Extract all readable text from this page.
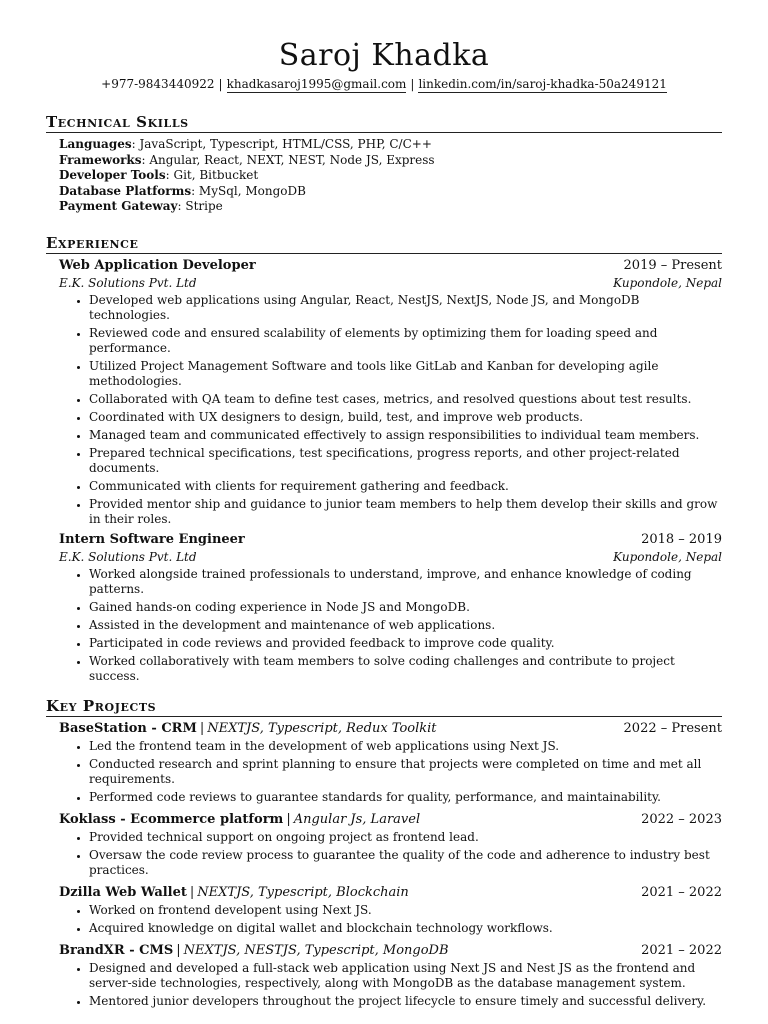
Saroj Khadka
+977-9843440922 | khadkasaroj1995@gmail.com | linkedin.com/in/saroj-khadka-50a249121
Technical Skills
Languages: JavaScript, Typescript, HTML/CSS, PHP, C/C++
Frameworks: Angular, React, NEXT, NEST, Node JS, Express
Developer Tools: Git, Bitbucket
Database Platforms: MySql, MongoDB
Payment Gateway: Stripe
Experience
Web Application Developer	2019 – Present
E.K. Solutions Pvt. Ltd	Kupondole, Nepal
• Developed web applications using Angular, React, NestJS, NextJS, Node JS, and MongoDB technologies.
• Reviewed code and ensured scalability of elements by optimizing them for loading speed and performance.
• Utilized Project Management Software and tools like GitLab and Kanban for developing agile methodologies.
• Collaborated with QA team to define test cases, metrics, and resolved questions about test results.
• Coordinated with UX designers to design, build, test, and improve web products.
• Managed team and communicated effectively to assign responsibilities to individual team members.
• Prepared technical specifications, test specifications, progress reports, and other project-related documents.
• Communicated with clients for requirement gathering and feedback.
• Provided mentor ship and guidance to junior team members to help them develop their skills and grow in their roles.
Intern Software Engineer	2018 – 2019
E.K. Solutions Pvt. Ltd	Kupondole, Nepal
• Worked alongside trained professionals to understand, improve, and enhance knowledge of coding patterns.
• Gained hands-on coding experience in Node JS and MongoDB.
• Assisted in the development and maintenance of web applications.
• Participated in code reviews and provided feedback to improve code quality.
• Worked collaboratively with team members to solve coding challenges and contribute to project success.
Key Projects
BaseStation - CRM | NEXTJS, Typescript, Redux Toolkit	2022 – Present
• Led the frontend team in the development of web applications using Next JS.
• Conducted research and sprint planning to ensure that projects were completed on time and met all requirements.
• Performed code reviews to guarantee standards for quality, performance, and maintainability.
Koklass - Ecommerce platform | Angular Js, Laravel	2022 – 2023
• Provided technical support on ongoing project as frontend lead.
• Oversaw the code review process to guarantee the quality of the code and adherence to industry best practices.
Dzilla Web Wallet | NEXTJS, Typescript, Blockchain	2021 – 2022
• Worked on frontend developent using Next JS.
• Acquired knowledge on digital wallet and blockchain technology workflows.
BrandXR - CMS | NEXTJS, NESTJS, Typescript, MongoDB	2021 – 2022
• Designed and developed a full-stack web application using Next JS and Nest JS as the frontend and server-side technologies, respectively, along with MongoDB as the database management system.
• Mentored junior developers throughout the project lifecycle to ensure timely and successful delivery.
